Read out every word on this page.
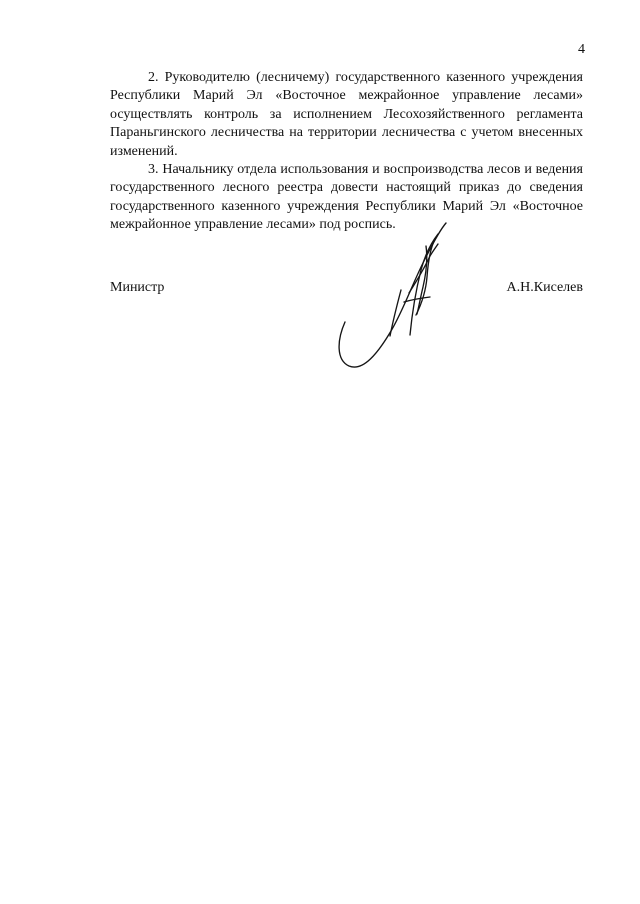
4

2. Руководителю (лесничему) государственного казенного учреждения Республики Марий Эл «Восточное межрайонное управление лесами» осуществлять контроль за исполнением Лесохозяйственного регламента Параньгинского лесничества на территории лесничества с учетом внесенных изменений.

3. Начальнику отдела использования и воспроизводства лесов и ведения государственного лесного реестра довести настоящий приказ до сведения государственного казенного учреждения Республики Марий Эл «Восточное межрайонное управление лесами» под роспись.

Министр	А.Н.Киселев
